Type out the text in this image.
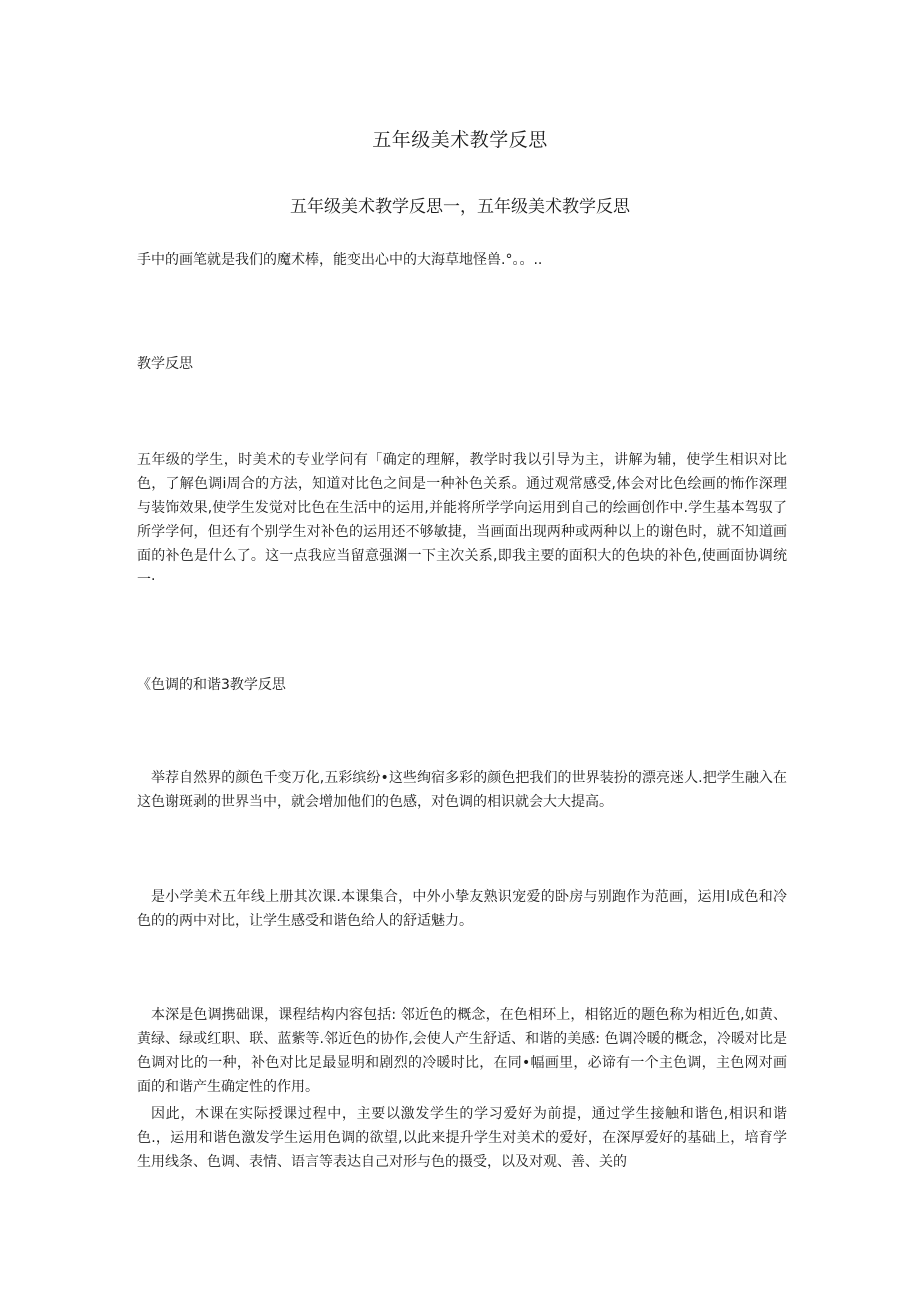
五年级美术教学反思
五年级美术教学反思一，五年级美术教学反思

手中的画笔就是我们的魔术棒，能变出心中的大海草地怪兽.°。。..

教学反思

五年级的学生，时美术的专业学问有「确定的理解，教学时我以引导为主，讲解为辅，使学生相识对比色，了解色调i周合的方法，知道对比色之间是一种补色关系。通过观常感受,体会对比色绘画的怖作深理与装饰效果,使学生发觉对比色在生活中的运用,并能将所学学向运用到自己的绘画创作中.学生基本驾驭了所学学何，但还有个别学生对补色的运用还不够敏捷，当画面出现两种或两种以上的谢色时，就不知道画面的补色是什么了。这一点我应当留意强渊一下主次关系,即我主要的面积大的色块的补色,使画面协调统一·

《色调的和谐3教学反思

举荐自然界的颜色千变万化,五彩缤纷•这些绚宿多彩的颜色把我们的世界装扮的漂亮迷人.把学生融入在这色谢斑剥的世界当中，就会增加他们的色感，对色调的相识就会大大提高。

是小学美术五年线上册其次课.本课集合，中外小挚友熟识宠爱的卧房与别跑作为范画，运用l成色和冷色的的两中对比，让学生感受和谐色给人的舒适魅力。

本深是色调携础课，课程结构内容包括: 邻近色的概念，在色相环上，相铭近的题色称为相近色,如黄、黄绿、绿或红职、联、蓝紫等.邻近色的协作,会使人产生舒适、和谐的美感: 色调冷暖的概念，冷暖对比是色调对比的一种，补色对比足最显明和剧烈的冷暖时比，在同•幅画里，必谛有一个主色调，主色网对画面的和谐产生确定性的作用。

因此，木课在实际授课过程中，主要以激发学生的学习爱好为前提，通过学生接触和谐色,相识和谐色.，运用和谐色激发学生运用色调的欲望,以此来提升学生对美术的爱好，在深厚爱好的基础上，培育学生用线条、色调、表情、语言等表达自己对形与色的摄受，以及对观、善、关的
